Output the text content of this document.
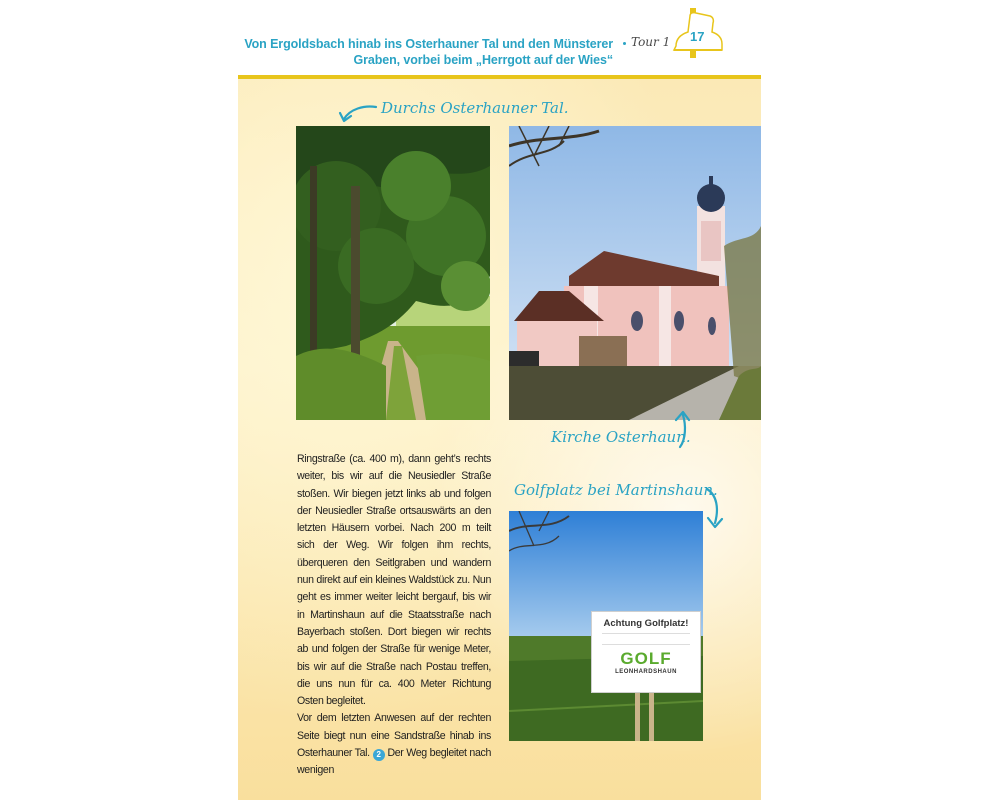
Von Ergoldsbach hinab ins Osterhauner Tal und den Münsterer
Graben, vorbei beim „Herrgott auf der Wies“
Tour 1 17
Durchs Osterhauner Tal.
Kirche Osterhaun.
Golfplatz bei Martinshaun.
Achtung Golfplatz!
GOLF
LEONHARDSHAUN

Ringstraße (ca. 400 m), dann geht’s rechts weiter, bis wir auf die Neusiedler Straße stoßen. Wir biegen jetzt links ab und folgen der Neusiedler Straße ortsauswärts an den letzten Häusern vorbei. Nach 200 m teilt sich der Weg. Wir folgen ihm rechts, überqueren den Seitlgraben und wandern nun direkt auf ein kleines Waldstück zu. Nun geht es immer weiter leicht bergauf, bis wir in Martinshaun auf die Staatsstraße nach Bayerbach stoßen. Dort biegen wir rechts ab und folgen der Straße für wenige Meter, bis wir auf die Straße nach Postau treffen, die uns nun für ca. 400 Meter Richtung Osten begleitet.

Vor dem letzten Anwesen auf der rechten Seite biegt nun eine Sandstraße hinab ins Osterhauner Tal. 2 Der Weg begleitet nach wenigen
